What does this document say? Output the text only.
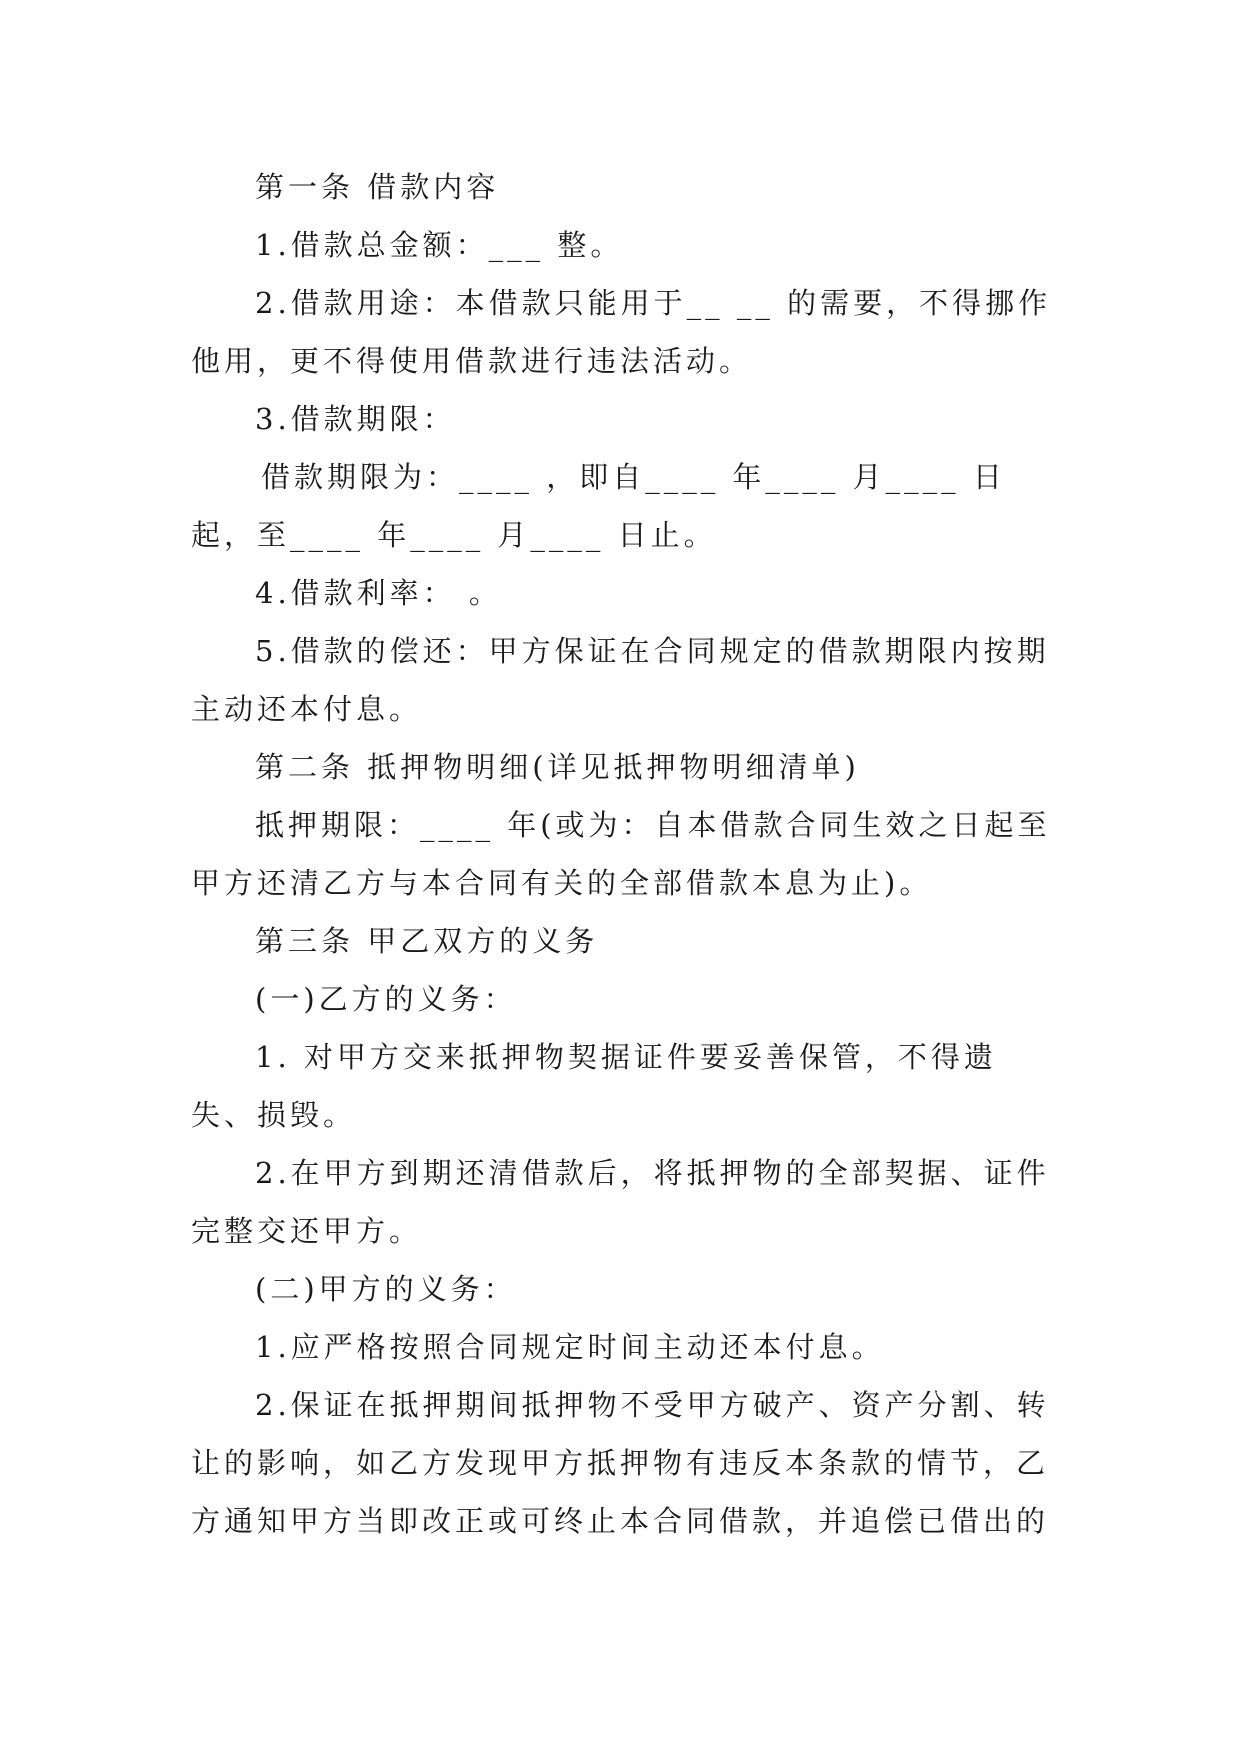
第一条 借款内容

1.借款总金额：___ 整。

2.借款用途：本借款只能用于__ __ 的需要，不得挪作他用，更不得使用借款进行违法活动。

3.借款期限：

借款期限为：____ ，即自____ 年____ 月____ 日起，至____ 年____ 月____ 日止。

4.借款利率： 。

5.借款的偿还：甲方保证在合同规定的借款期限内按期主动还本付息。

第二条 抵押物明细(详见抵押物明细清单)

抵押期限：____ 年(或为：自本借款合同生效之日起至甲方还清乙方与本合同有关的全部借款本息为止)。

第三条 甲乙双方的义务

(一)乙方的义务：

1. 对甲方交来抵押物契据证件要妥善保管，不得遗失、损毁。

2.在甲方到期还清借款后，将抵押物的全部契据、证件完整交还甲方。

(二)甲方的义务：

1.应严格按照合同规定时间主动还本付息。

2.保证在抵押期间抵押物不受甲方破产、资产分割、转让的影响，如乙方发现甲方抵押物有违反本条款的情节，乙方通知甲方当即改正或可终止本合同借款，并追偿已借出的
